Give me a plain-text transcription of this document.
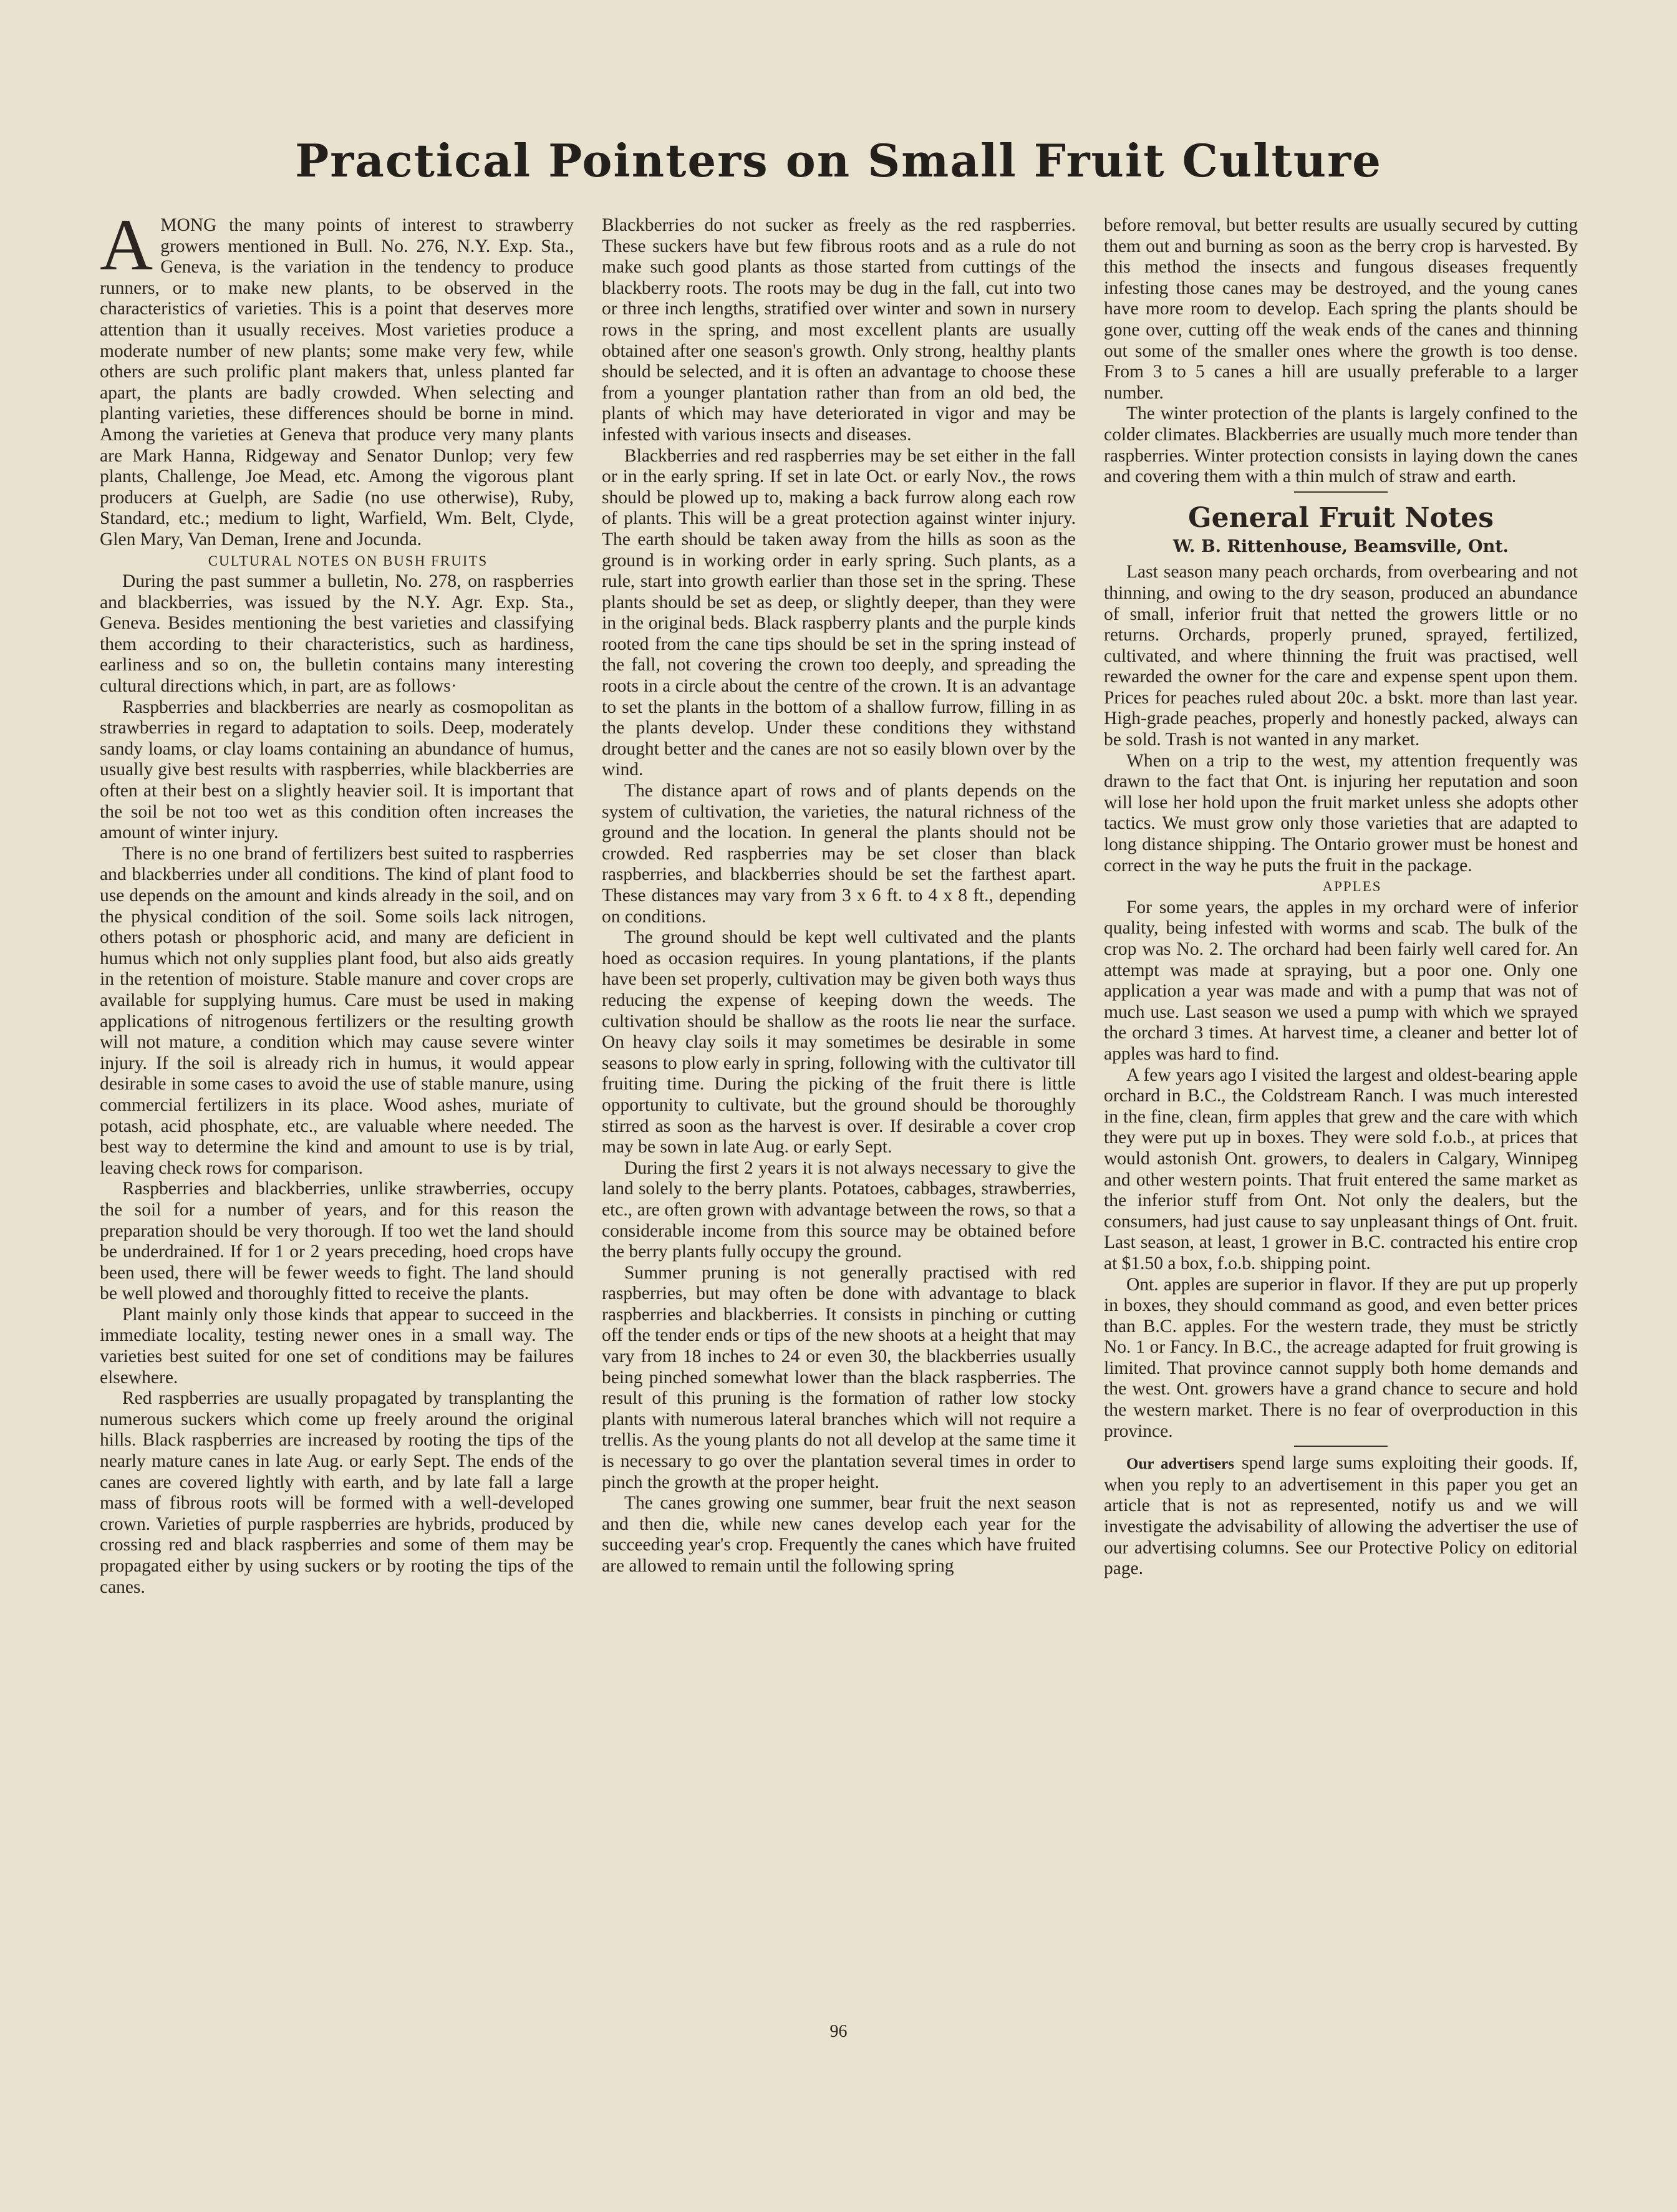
Practical Pointers on Small Fruit Culture

AMONG the many points of interest to strawberry growers mentioned in Bull. No. 276, N.Y. Exp. Sta., Geneva, is the variation in the tendency to produce runners, or to make new plants, to be observed in the characteristics of varieties. This is a point that deserves more attention than it usually receives. Most varieties produce a moderate number of new plants; some make very few, while others are such prolific plant makers that, unless planted far apart, the plants are badly crowded. When selecting and planting varieties, these differences should be borne in mind. Among the varieties at Geneva that produce very many plants are Mark Hanna, Ridgeway and Senator Dunlop; very few plants, Challenge, Joe Mead, etc. Among the vigorous plant producers at Guelph, are Sadie (no use otherwise), Ruby, Standard, etc.; medium to light, Warfield, Wm. Belt, Clyde, Glen Mary, Van Deman, Irene and Jocunda.

CULTURAL NOTES ON BUSH FRUITS

During the past summer a bulletin, No. 278, on raspberries and blackberries, was issued by the N.Y. Agr. Exp. Sta., Geneva. Besides mentioning the best varieties and classifying them according to their characteristics, such as hardiness, earliness and so on, the bulletin contains many interesting cultural directions which, in part, are as follows·

Raspberries and blackberries are nearly as cosmopolitan as strawberries in regard to adaptation to soils. Deep, moderately sandy loams, or clay loams containing an abundance of humus, usually give best results with raspberries, while blackberries are often at their best on a slightly heavier soil. It is important that the soil be not too wet as this condition often increases the amount of winter injury.

There is no one brand of fertilizers best suited to raspberries and blackberries under all conditions. The kind of plant food to use depends on the amount and kinds already in the soil, and on the physical condition of the soil. Some soils lack nitrogen, others potash or phosphoric acid, and many are deficient in humus which not only supplies plant food, but also aids greatly in the retention of moisture. Stable manure and cover crops are available for supplying humus. Care must be used in making applications of nitrogenous fertilizers or the resulting growth will not mature, a condition which may cause severe winter injury. If the soil is already rich in humus, it would appear desirable in some cases to avoid the use of stable manure, using commercial fertilizers in its place. Wood ashes, muriate of potash, acid phosphate, etc., are valuable where needed. The best way to determine the kind and amount to use is by trial, leaving check rows for comparison.

Raspberries and blackberries, unlike strawberries, occupy the soil for a number of years, and for this reason the preparation should be very thorough. If too wet the land should be underdrained. If for 1 or 2 years preceding, hoed crops have been used, there will be fewer weeds to fight. The land should be well plowed and thoroughly fitted to receive the plants.

Plant mainly only those kinds that appear to succeed in the immediate locality, testing newer ones in a small way. The varieties best suited for one set of conditions may be failures elsewhere.

Red raspberries are usually propagated by transplanting the numerous suckers which come up freely around the original hills. Black raspberries are increased by rooting the tips of the nearly mature canes in late Aug. or early Sept. The ends of the canes are covered lightly with earth, and by late fall a large mass of fibrous roots will be formed with a well-developed crown. Varieties of purple raspberries are hybrids, produced by crossing red and black raspberries and some of them may be propagated either by using suckers or by rooting the tips of the canes.

Blackberries do not sucker as freely as the red raspberries. These suckers have but few fibrous roots and as a rule do not make such good plants as those started from cuttings of the blackberry roots. The roots may be dug in the fall, cut into two or three inch lengths, stratified over winter and sown in nursery rows in the spring, and most excellent plants are usually obtained after one season's growth. Only strong, healthy plants should be selected, and it is often an advantage to choose these from a younger plantation rather than from an old bed, the plants of which may have deteriorated in vigor and may be infested with various insects and diseases.

Blackberries and red raspberries may be set either in the fall or in the early spring. If set in late Oct. or early Nov., the rows should be plowed up to, making a back furrow along each row of plants. This will be a great protection against winter injury. The earth should be taken away from the hills as soon as the ground is in working order in early spring. Such plants, as a rule, start into growth earlier than those set in the spring. These plants should be set as deep, or slightly deeper, than they were in the original beds. Black raspberry plants and the purple kinds rooted from the cane tips should be set in the spring instead of the fall, not covering the crown too deeply, and spreading the roots in a circle about the centre of the crown. It is an advantage to set the plants in the bottom of a shallow furrow, filling in as the plants develop. Under these conditions they withstand drought better and the canes are not so easily blown over by the wind.

The distance apart of rows and of plants depends on the system of cultivation, the varieties, the natural richness of the ground and the location. In general the plants should not be crowded. Red raspberries may be set closer than black raspberries, and blackberries should be set the farthest apart. These distances may vary from 3 x 6 ft. to 4 x 8 ft., depending on conditions.

The ground should be kept well cultivated and the plants hoed as occasion requires. In young plantations, if the plants have been set properly, cultivation may be given both ways thus reducing the expense of keeping down the weeds. The cultivation should be shallow as the roots lie near the surface. On heavy clay soils it may sometimes be desirable in some seasons to plow early in spring, following with the cultivator till fruiting time. During the picking of the fruit there is little opportunity to cultivate, but the ground should be thoroughly stirred as soon as the harvest is over. If desirable a cover crop may be sown in late Aug. or early Sept.

During the first 2 years it is not always necessary to give the land solely to the berry plants. Potatoes, cabbages, strawberries, etc., are often grown with advantage between the rows, so that a considerable income from this source may be obtained before the berry plants fully occupy the ground.

Summer pruning is not generally practised with red raspberries, but may often be done with advantage to black raspberries and blackberries. It consists in pinching or cutting off the tender ends or tips of the new shoots at a height that may vary from 18 inches to 24 or even 30, the blackberries usually being pinched somewhat lower than the black raspberries. The result of this pruning is the formation of rather low stocky plants with numerous lateral branches which will not require a trellis. As the young plants do not all develop at the same time it is necessary to go over the plantation several times in order to pinch the growth at the proper height.

The canes growing one summer, bear fruit the next season and then die, while new canes develop each year for the succeeding year's crop. Frequently the canes which have fruited are allowed to remain until the following spring

before removal, but better results are usually secured by cutting them out and burning as soon as the berry crop is harvested. By this method the insects and fungous diseases frequently infesting those canes may be destroyed, and the young canes have more room to develop. Each spring the plants should be gone over, cutting off the weak ends of the canes and thinning out some of the smaller ones where the growth is too dense. From 3 to 5 canes a hill are usually preferable to a larger number.

The winter protection of the plants is largely confined to the colder climates. Blackberries are usually much more tender than raspberries. Winter protection consists in laying down the canes and covering them with a thin mulch of straw and earth.

General Fruit Notes
W. B. Rittenhouse, Beamsville, Ont.

Last season many peach orchards, from overbearing and not thinning, and owing to the dry season, produced an abundance of small, inferior fruit that netted the growers little or no returns. Orchards, properly pruned, sprayed, fertilized, cultivated, and where thinning the fruit was practised, well rewarded the owner for the care and expense spent upon them. Prices for peaches ruled about 20c. a bskt. more than last year. High-grade peaches, properly and honestly packed, always can be sold. Trash is not wanted in any market.

When on a trip to the west, my attention frequently was drawn to the fact that Ont. is injuring her reputation and soon will lose her hold upon the fruit market unless she adopts other tactics. We must grow only those varieties that are adapted to long distance shipping. The Ontario grower must be honest and correct in the way he puts the fruit in the package.

APPLES

For some years, the apples in my orchard were of inferior quality, being infested with worms and scab. The bulk of the crop was No. 2. The orchard had been fairly well cared for. An attempt was made at spraying, but a poor one. Only one application a year was made and with a pump that was not of much use. Last season we used a pump with which we sprayed the orchard 3 times. At harvest time, a cleaner and better lot of apples was hard to find.

A few years ago I visited the largest and oldest-bearing apple orchard in B.C., the Coldstream Ranch. I was much interested in the fine, clean, firm apples that grew and the care with which they were put up in boxes. They were sold f.o.b., at prices that would astonish Ont. growers, to dealers in Calgary, Winnipeg and other western points. That fruit entered the same market as the inferior stuff from Ont. Not only the dealers, but the consumers, had just cause to say unpleasant things of Ont. fruit. Last season, at least, 1 grower in B.C. contracted his entire crop at $1.50 a box, f.o.b. shipping point.

Ont. apples are superior in flavor. If they are put up properly in boxes, they should command as good, and even better prices than B.C. apples. For the western trade, they must be strictly No. 1 or Fancy. In B.C., the acreage adapted for fruit growing is limited. That province cannot supply both home demands and the west. Ont. growers have a grand chance to secure and hold the western market. There is no fear of overproduction in this province.

Our advertisers spend large sums exploiting their goods. If, when you reply to an advertisement in this paper you get an article that is not as represented, notify us and we will investigate the advisability of allowing the advertiser the use of our advertising columns. See our Protective Policy on editorial page.

96
